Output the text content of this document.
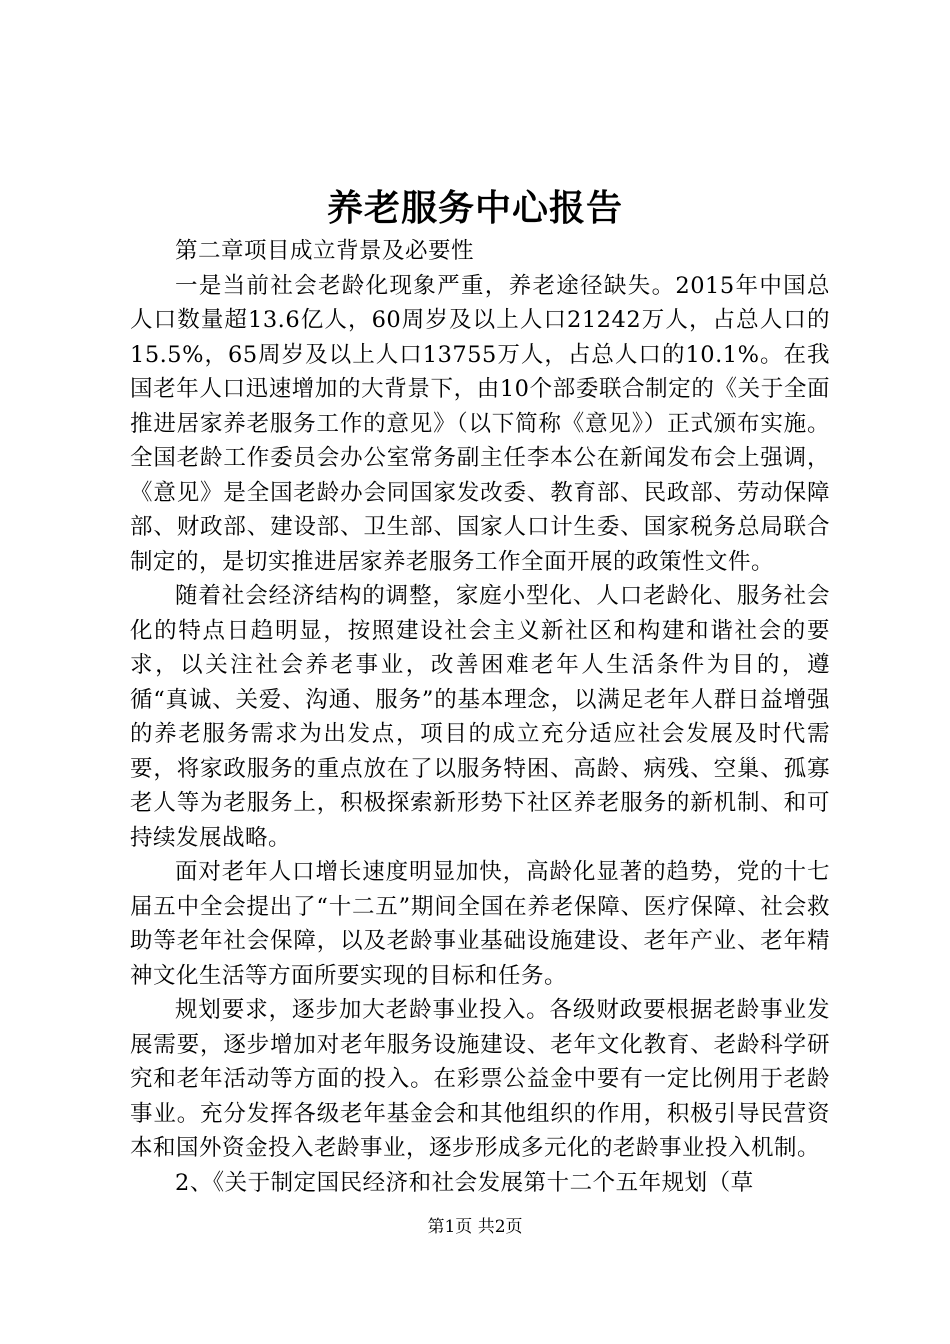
养老服务中心报告

第二章项目成立背景及必要性

一是当前社会老龄化现象严重，养老途径缺失。2015年中国总人口数量超13.6亿人，60周岁及以上人口21242万人，占总人口的15.5%，65周岁及以上人口13755万人，占总人口的10.1%。在我国老年人口迅速增加的大背景下，由10个部委联合制定的《关于全面推进居家养老服务工作的意见》（以下简称《意见》）正式颁布实施。全国老龄工作委员会办公室常务副主任李本公在新闻发布会上强调，《意见》是全国老龄办会同国家发改委、教育部、民政部、劳动保障部、财政部、建设部、卫生部、国家人口计生委、国家税务总局联合制定的，是切实推进居家养老服务工作全面开展的政策性文件。

随着社会经济结构的调整，家庭小型化、人口老龄化、服务社会化的特点日趋明显，按照建设社会主义新社区和构建和谐社会的要求，以关注社会养老事业，改善困难老年人生活条件为目的，遵循“真诚、关爱、沟通、服务”的基本理念，以满足老年人群日益增强的养老服务需求为出发点，项目的成立充分适应社会发展及时代需要，将家政服务的重点放在了以服务特困、高龄、病残、空巢、孤寡老人等为老服务上，积极探索新形势下社区养老服务的新机制、和可持续发展战略。

面对老年人口增长速度明显加快，高龄化显著的趋势，党的十七届五中全会提出了“十二五”期间全国在养老保障、医疗保障、社会救助等老年社会保障，以及老龄事业基础设施建设、老年产业、老年精神文化生活等方面所要实现的目标和任务。

规划要求，逐步加大老龄事业投入。各级财政要根据老龄事业发展需要，逐步增加对老年服务设施建设、老年文化教育、老龄科学研究和老年活动等方面的投入。在彩票公益金中要有一定比例用于老龄事业。充分发挥各级老年基金会和其他组织的作用，积极引导民营资本和国外资金投入老龄事业，逐步形成多元化的老龄事业投入机制。

2、《关于制定国民经济和社会发展第十二个五年规划（草

第1页 共2页
